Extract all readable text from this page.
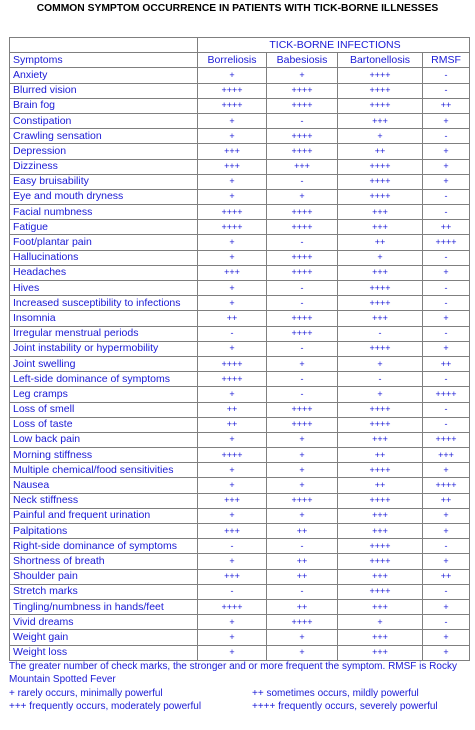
COMMON SYMPTOM OCCURRENCE IN PATIENTS WITH TICK-BORNE ILLNESSES
	TICK-BORNE INFECTIONS			
Symptoms	Borreliosis	Babesiosis	Bartonellosis	RMSF
Anxiety	+	+	++++	-
Blurred vision	++++	++++	++++	-
Brain fog	++++	++++	++++	++
Constipation	+	-	+++	+
Crawling sensation	+	++++	+	-
Depression	+++	++++	++	+
Dizziness	+++	+++	++++	+
Easy bruisability	+	-	++++	+
Eye and mouth dryness	+	+	++++	-
Facial numbness	++++	++++	+++	-
Fatigue	++++	++++	+++	++
Foot/plantar pain	+	-	++	++++
Hallucinations	+	++++	+	-
Headaches	+++	++++	+++	+
Hives	+	-	++++	-
Increased susceptibility to infections	+	-	++++	-
Insomnia	++	++++	+++	+
Irregular menstrual periods	-	++++	-	-
Joint instability or hypermobility	+	-	++++	+
Joint swelling	++++	+	+	++
Left-side dominance of symptoms	++++	-	-	-
Leg cramps	+	-	+	++++
Loss of smell	++	++++	++++	-
Loss of taste	++	++++	++++	-
Low back pain	+	+	+++	++++
Morning stiffness	++++	+	++	+++
Multiple chemical/food sensitivities	+	+	++++	+
Nausea	+	+	++	++++
Neck stiffness	+++	++++	++++	++
Painful and frequent urination	+	+	+++	+
Palpitations	+++	++	+++	+
Right-side dominance of symptoms	-	-	++++	-
Shortness of breath	+	++	++++	+
Shoulder pain	+++	++	+++	++
Stretch marks	-	-	++++	-
Tingling/numbness in hands/feet	++++	++	+++	+
Vivid dreams	+	++++	+	-
Weight gain	+	+	+++	+
Weight loss	+	+	+++	+
The greater number of check marks, the stronger and or more frequent the symptom. RMSF is Rocky Mountain Spotted Fever
+ rarely occurs, minimally powerful	++ sometimes occurs, mildly powerful
+++ frequently occurs, moderately powerful	++++ frequently occurs, severely powerful
